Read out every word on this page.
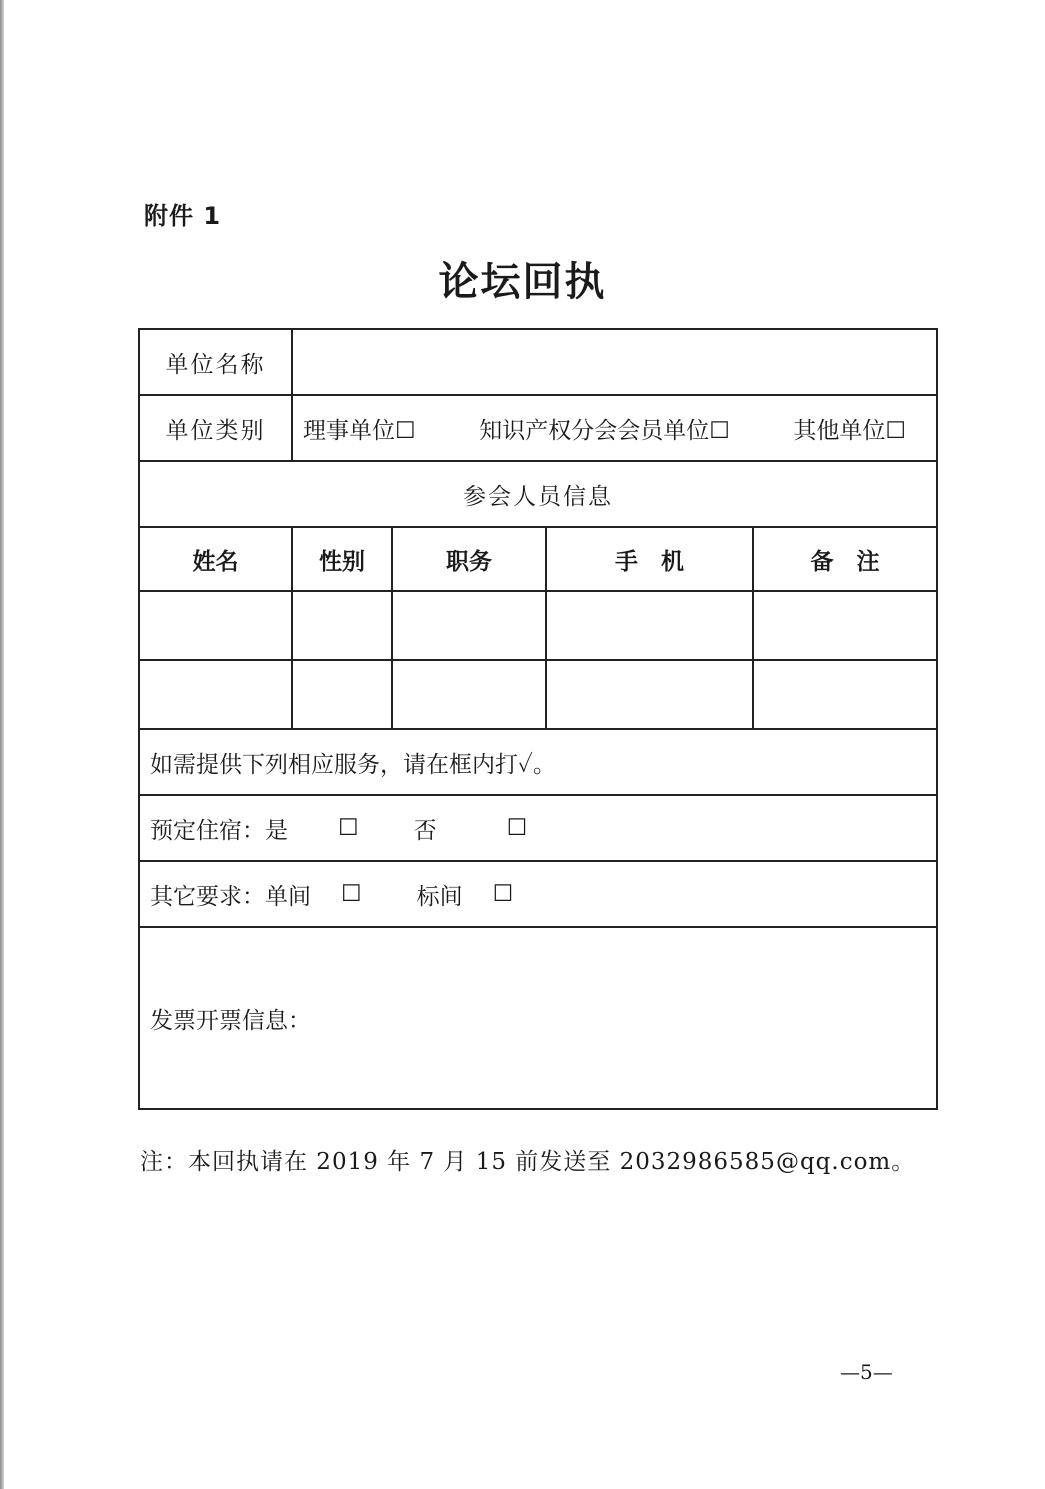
附件 1
论坛回执
单位名称				
单位类别	理事单位☐ 知识产权分会会员单位☐ 其他单位☐			

参会人员信息				
姓名	性别	职务	手　机	备　注

如需提供下列相应服务，请在框内打✓。				

预定住宿： 是 ☐ 否 ☐				

其它要求： 单间 ☐ 标间 ☐				

发票开票信息：				
注：本回执请在 2019 年 7 月 15 前发送至 2032986585@qq.com。
—5—
